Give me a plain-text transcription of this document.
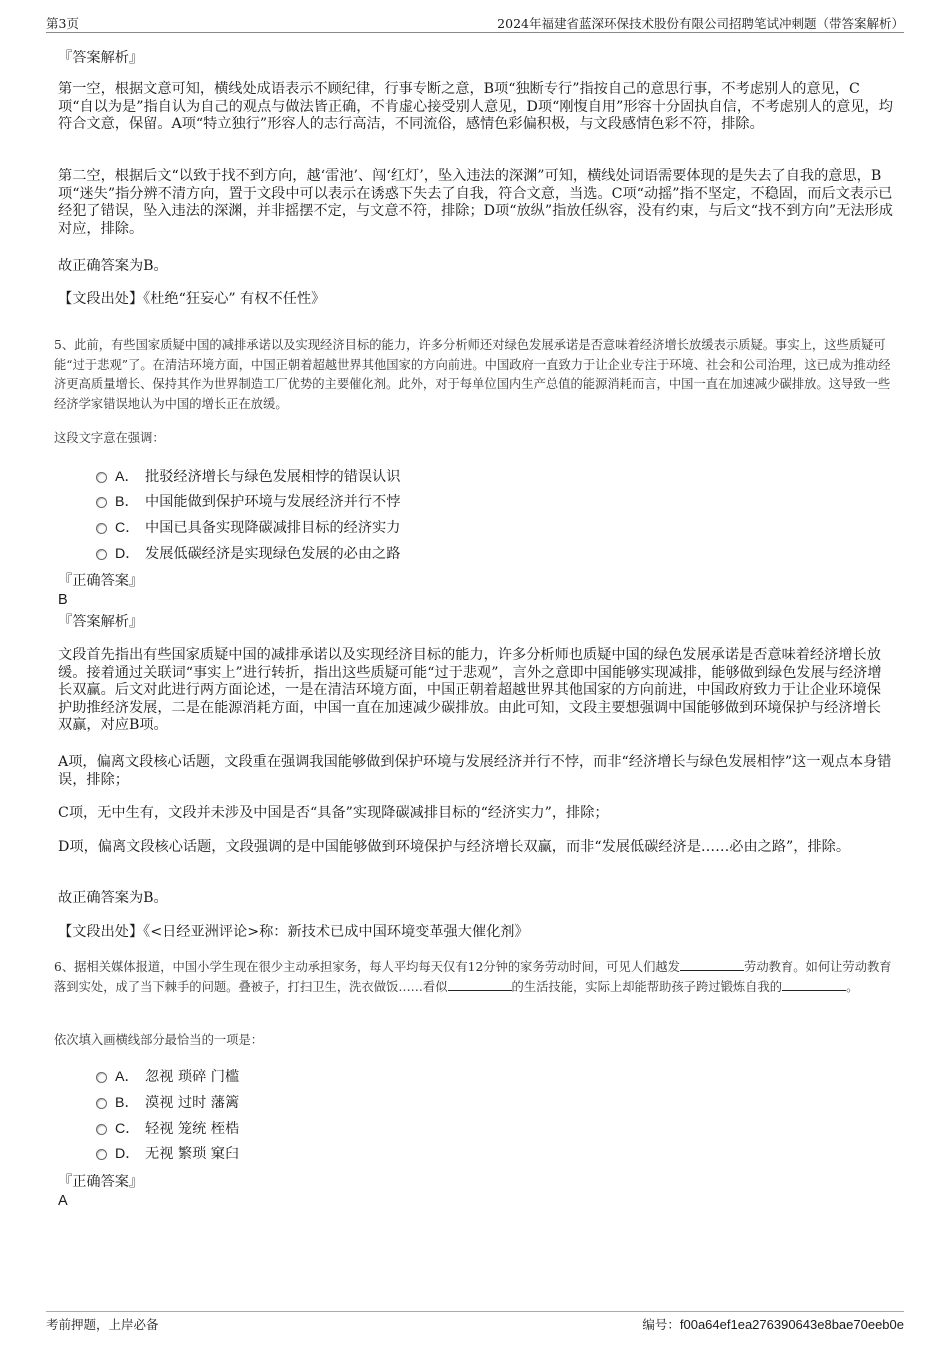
第3页	2024年福建省蓝深环保技术股份有限公司招聘笔试冲刺题（带答案解析）
『答案解析』
第一空，根据文意可知，横线处成语表示不顾纪律，行事专断之意，B项“独断专行”指按自己的意思行事，不考虑别人的意见，C项“自以为是”指自认为自己的观点与做法皆正确，不肯虚心接受别人意见，D项“刚愎自用”形容十分固执自信，不考虑别人的意见，均符合文意，保留。A项“特立独行”形容人的志行高洁，不同流俗，感情色彩偏积极，与文段感情色彩不符，排除。
第二空，根据后文“以致于找不到方向，越‘雷池’、闯‘红灯’，坠入违法的深渊”可知，横线处词语需要体现的是失去了自我的意思，B项“迷失”指分辨不清方向，置于文段中可以表示在诱惑下失去了自我，符合文意，当选。C项“动摇”指不坚定，不稳固，而后文表示已经犯了错误，坠入违法的深渊，并非摇摆不定，与文意不符，排除；D项“放纵”指放任纵容，没有约束，与后文“找不到方向”无法形成对应，排除。
故正确答案为B。
【文段出处】《杜绝“狂妄心” 有权不任性》
5、此前，有些国家质疑中国的减排承诺以及实现经济目标的能力，许多分析师还对绿色发展承诺是否意味着经济增长放缓表示质疑。事实上，这些质疑可能“过于悲观”了。在清洁环境方面，中国正朝着超越世界其他国家的方向前进。中国政府一直致力于让企业专注于环境、社会和公司治理，这已成为推动经济更高质量增长、保持其作为世界制造工厂优势的主要催化剂。此外，对于每单位国内生产总值的能源消耗而言，中国一直在加速减少碳排放。这导致一些经济学家错误地认为中国的增长正在放缓。
这段文字意在强调：
A． 批驳经济增长与绿色发展相悖的错误认识
B． 中国能做到保护环境与发展经济并行不悖
C． 中国已具备实现降碳减排目标的经济实力
D． 发展低碳经济是实现绿色发展的必由之路
『正确答案』
B
『答案解析』
文段首先指出有些国家质疑中国的减排承诺以及实现经济目标的能力，许多分析师也质疑中国的绿色发展承诺是否意味着经济增长放缓。接着通过关联词“事实上”进行转折，指出这些质疑可能“过于悲观”，言外之意即中国能够实现减排，能够做到绿色发展与经济增长双赢。后文对此进行两方面论述，一是在清洁环境方面，中国正朝着超越世界其他国家的方向前进，中国政府致力于让企业环境保护助推经济发展，二是在能源消耗方面，中国一直在加速减少碳排放。由此可知，文段主要想强调中国能够做到环境保护与经济增长双赢，对应B项。
A项，偏离文段核心话题，文段重在强调我国能够做到保护环境与发展经济并行不悖，而非“经济增长与绿色发展相悖”这一观点本身错误，排除；
C项，无中生有，文段并未涉及中国是否“具备”实现降碳减排目标的“经济实力”，排除；
D项，偏离文段核心话题，文段强调的是中国能够做到环境保护与经济增长双赢，而非“发展低碳经济是……必由之路”，排除。
故正确答案为B。
【文段出处】《<日经亚洲评论>称：新技术已成中国环境变革强大催化剂》
6、据相关媒体报道，中国小学生现在很少主动承担家务，每人平均每天仅有12分钟的家务劳动时间，可见人们越发	劳动教育。如何让劳动教育落到实处，成了当下棘手的问题。叠被子，打扫卫生，洗衣做饭……看似	的生活技能，实际上却能帮助孩子跨过锻炼自我的	。
依次填入画横线部分最恰当的一项是：
A． 忽视 琐碎 门槛
B． 漠视 过时 藩篱
C． 轻视 笼统 桎梏
D． 无视 繁琐 窠臼
『正确答案』
A
考前押题，上岸必备	编号：f00a64ef1ea276390643e8bae70eeb0e
